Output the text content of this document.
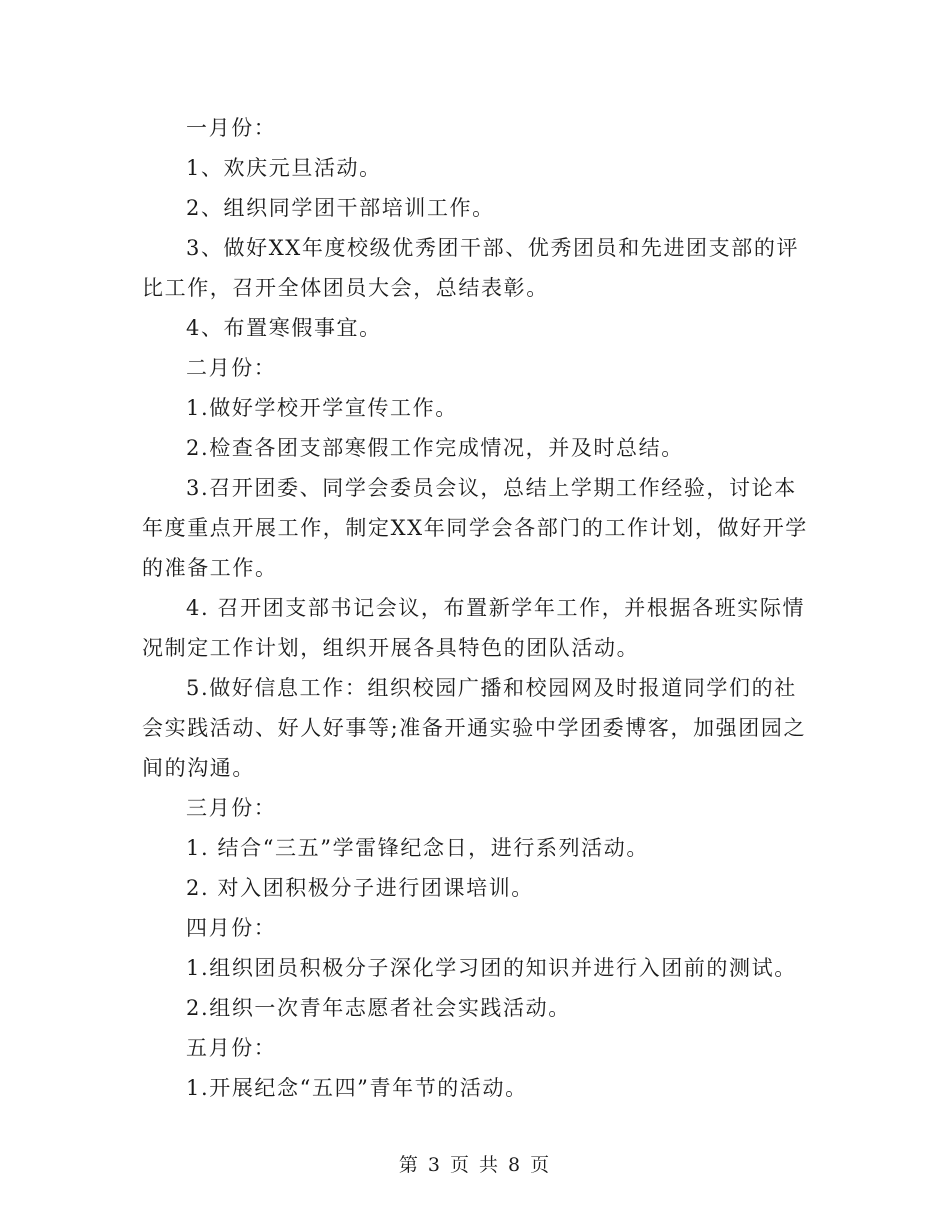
一月份：

1、欢庆元旦活动。

2、组织同学团干部培训工作。

3、做好XX年度校级优秀团干部、优秀团员和先进团支部的评比工作，召开全体团员大会，总结表彰。

4、布置寒假事宜。

二月份：

1.做好学校开学宣传工作。

2.检查各团支部寒假工作完成情况，并及时总结。

3.召开团委、同学会委员会议，总结上学期工作经验，讨论本年度重点开展工作，制定XX年同学会各部门的工作计划，做好开学的准备工作。

4. 召开团支部书记会议，布置新学年工作，并根据各班实际情况制定工作计划，组织开展各具特色的团队活动。

5.做好信息工作：组织校园广播和校园网及时报道同学们的社会实践活动、好人好事等;准备开通实验中学团委博客，加强团园之间的沟通。

三月份：

1. 结合“三五”学雷锋纪念日，进行系列活动。

2. 对入团积极分子进行团课培训。

四月份：

1.组织团员积极分子深化学习团的知识并进行入团前的测试。

2.组织一次青年志愿者社会实践活动。

五月份：

1.开展纪念“五四”青年节的活动。

第 3 页 共 8 页
